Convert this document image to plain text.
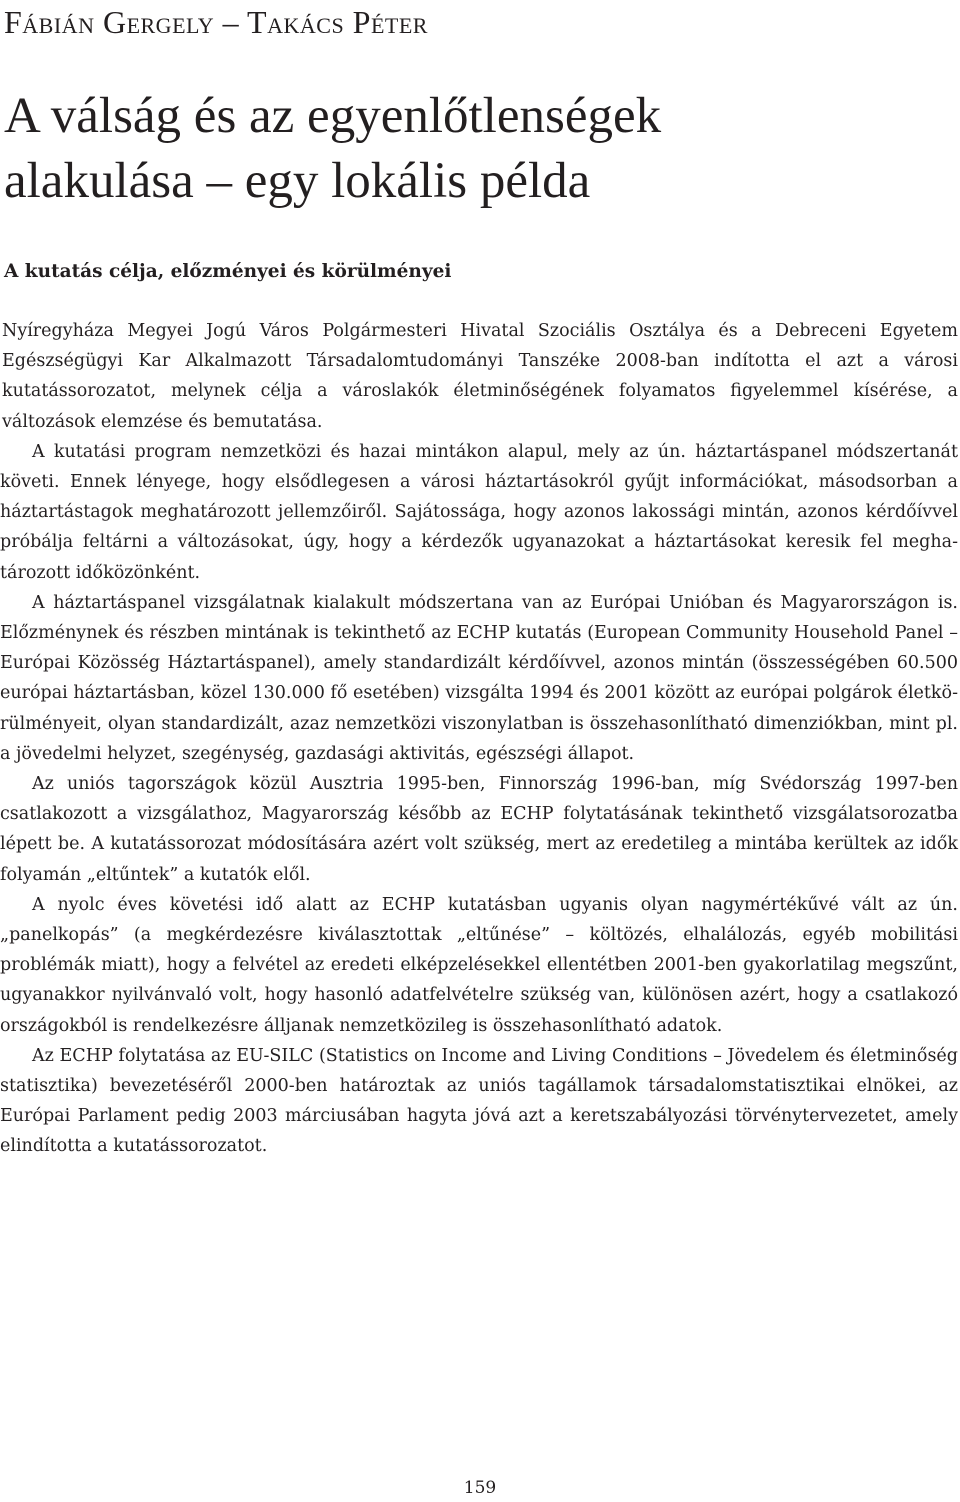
Fábián Gergely – Takács Péter
A válság és az egyenlőtlenségek
alakulása – egy lokális példa
A kutatás célja, előzményei és körülményei

Nyíregyháza Megyei Jogú Város Polgármesteri Hivatal Szociális Osztálya és a Debreceni Egyetem Egészségügyi Kar Alkalmazott Társadalomtudományi Tanszéke 2008-ban indította el azt a városi kutatássorozatot, melynek célja a városlakók életminőségének folyamatos figyelemmel kísérése, a változások elemzése és bemutatása.

A kutatási program nemzetközi és hazai mintákon alapul, mely az ún. háztartáspanel módszertanát követi. Ennek lényege, hogy elsődlegesen a városi háztartásokról gyűjt információkat, másodsorban a háztartástagok meghatározott jellemzőiről. Sajátossága, hogy azonos lakossági mintán, azonos kérdőívvel próbálja feltárni a változásokat, úgy, hogy a kérdezők ugyanazokat a háztartásokat keresik fel meghatározott időközönként.

A háztartáspanel vizsgálatnak kialakult módszertana van az Európai Unióban és Magyarországon is. Előzménynek és részben mintának is tekinthető az ECHP kutatás (European Community Household Panel – Európai Közösség Háztartáspanel), amely standardizált kérdőívvel, azonos mintán (összességében 60.500 európai háztartásban, közel 130.000 fő esetében) vizsgálta 1994 és 2001 között az európai polgárok életkörülményeit, olyan standardizált, azaz nemzetközi viszonylatban is összehasonlítható dimenziókban, mint pl. a jövedelmi helyzet, szegénység, gazdasági aktivitás, egészségi állapot.

Az uniós tagországok közül Ausztria 1995-ben, Finnország 1996-ban, míg Svédország 1997-ben csatlakozott a vizsgálathoz, Magyarország később az ECHP folytatásának tekinthető vizsgálatsorozatba lépett be. A kutatássorozat módosítására azért volt szükség, mert az eredetileg a mintába kerültek az idők folyamán „eltűntek” a kutatók elől.

A nyolc éves követési idő alatt az ECHP kutatásban ugyanis olyan nagymértékűvé vált az ún. „panelkopás” (a megkérdezésre kiválasztottak „eltűnése” – költözés, elhalálozás, egyéb mobilitási problémák miatt), hogy a felvétel az eredeti elképzelésekkel ellentétben 2001-ben gyakorlatilag megszűnt, ugyanakkor nyilvánvaló volt, hogy hasonló adatfelvételre szükség van, különösen azért, hogy a csatlakozó országokból is rendelkezésre álljanak nemzetközileg is összehasonlítható adatok.

Az ECHP folytatása az EU-SILC (Statistics on Income and Living Conditions – Jövedelem és életminőség statisztika) bevezetéséről 2000-ben határoztak az uniós tagállamok társadalomstatisztikai elnökei, az Európai Parlament pedig 2003 márciusában hagyta jóvá azt a keretszabályozási törvénytervezetet, amely elindította a kutatássorozatot.

159
